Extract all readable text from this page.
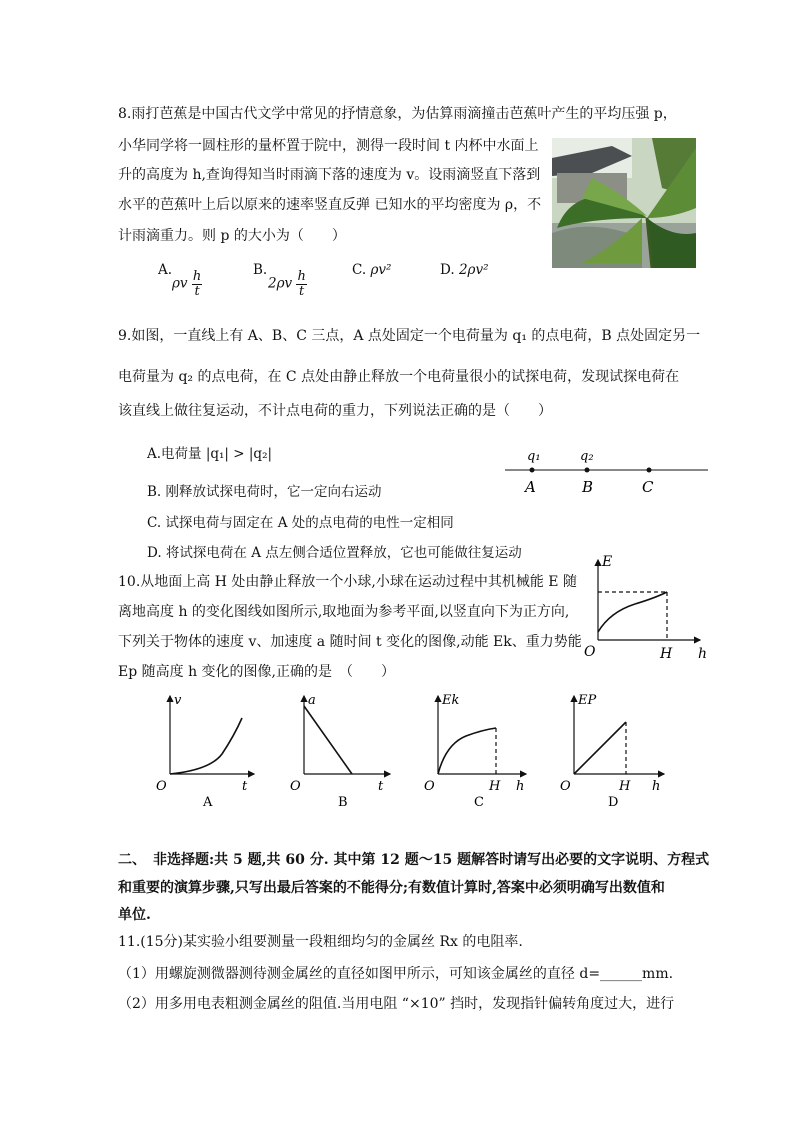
8.雨打芭蕉是中国古代文学中常见的抒情意象，为估算雨滴撞击芭蕉叶产生的平均压强 p，
小华同学将一圆柱形的量杯置于院中，测得一段时间 t 内杯中水面上
升的高度为 h,查询得知当时雨滴下落的速度为 v。设雨滴竖直下落到
水平的芭蕉叶上后以原来的速率竖直反弹 已知水的平均密度为 ρ，不
计雨滴重力。则 p 的大小为（　　）
A.
ρv $\frac{h}{t}$	B.
$2\rho v \frac{h}{t}$	C. ρv²	D. 2ρv²
9.如图，一直线上有 A、B、C 三点，A 点处固定一个电荷量为 q₁ 的点电荷，B 点处固定另一
电荷量为 q₂ 的点电荷，在 C 点处由静止释放一个电荷量很小的试探电荷，发现试探电荷在
该直线上做往复运动，不计点电荷的重力，下列说法正确的是（　　）
A.电荷量 |q₁| > |q₂|
B. 刚释放试探电荷时，它一定向右运动
C. 试探电荷与固定在 A 处的点电荷的电性一定相同
D. 将试探电荷在 A 点左侧合适位置释放，它也可能做往复运动
q₁	q₂
A	B	C
10.从地面上高 H 处由静止释放一个小球,小球在运动过程中其机械能 E 随
离地高度 h 的变化图线如图所示,取地面为参考平面,以竖直向下为正方向,
下列关于物体的速度 v、加速度 a 随时间 t 变化的图像,动能 Ek、重力势能
Ep 随高度 h 变化的图像,正确的是　（　　）
E
O	H h
v
O	t
A
a
O	t
B
Ek
O	H h
C
EP
O	H h
D
二、　非选择题:共 5 题,共 60 分. 其中第 12 题～15 题解答时请写出必要的文字说明、方程式
和重要的演算步骤,只写出最后答案的不能得分;有数值计算时,答案中必须明确写出数值和
单位.
11.(15分)某实验小组要测量一段粗细均匀的金属丝 Rx 的电阻率.
（1）用螺旋测微器测待测金属丝的直径如图甲所示，可知该金属丝的直径 d=______mm.
（2）用多用电表粗测金属丝的阻值.当用电阻 “×10” 挡时，发现指针偏转角度过大，进行
